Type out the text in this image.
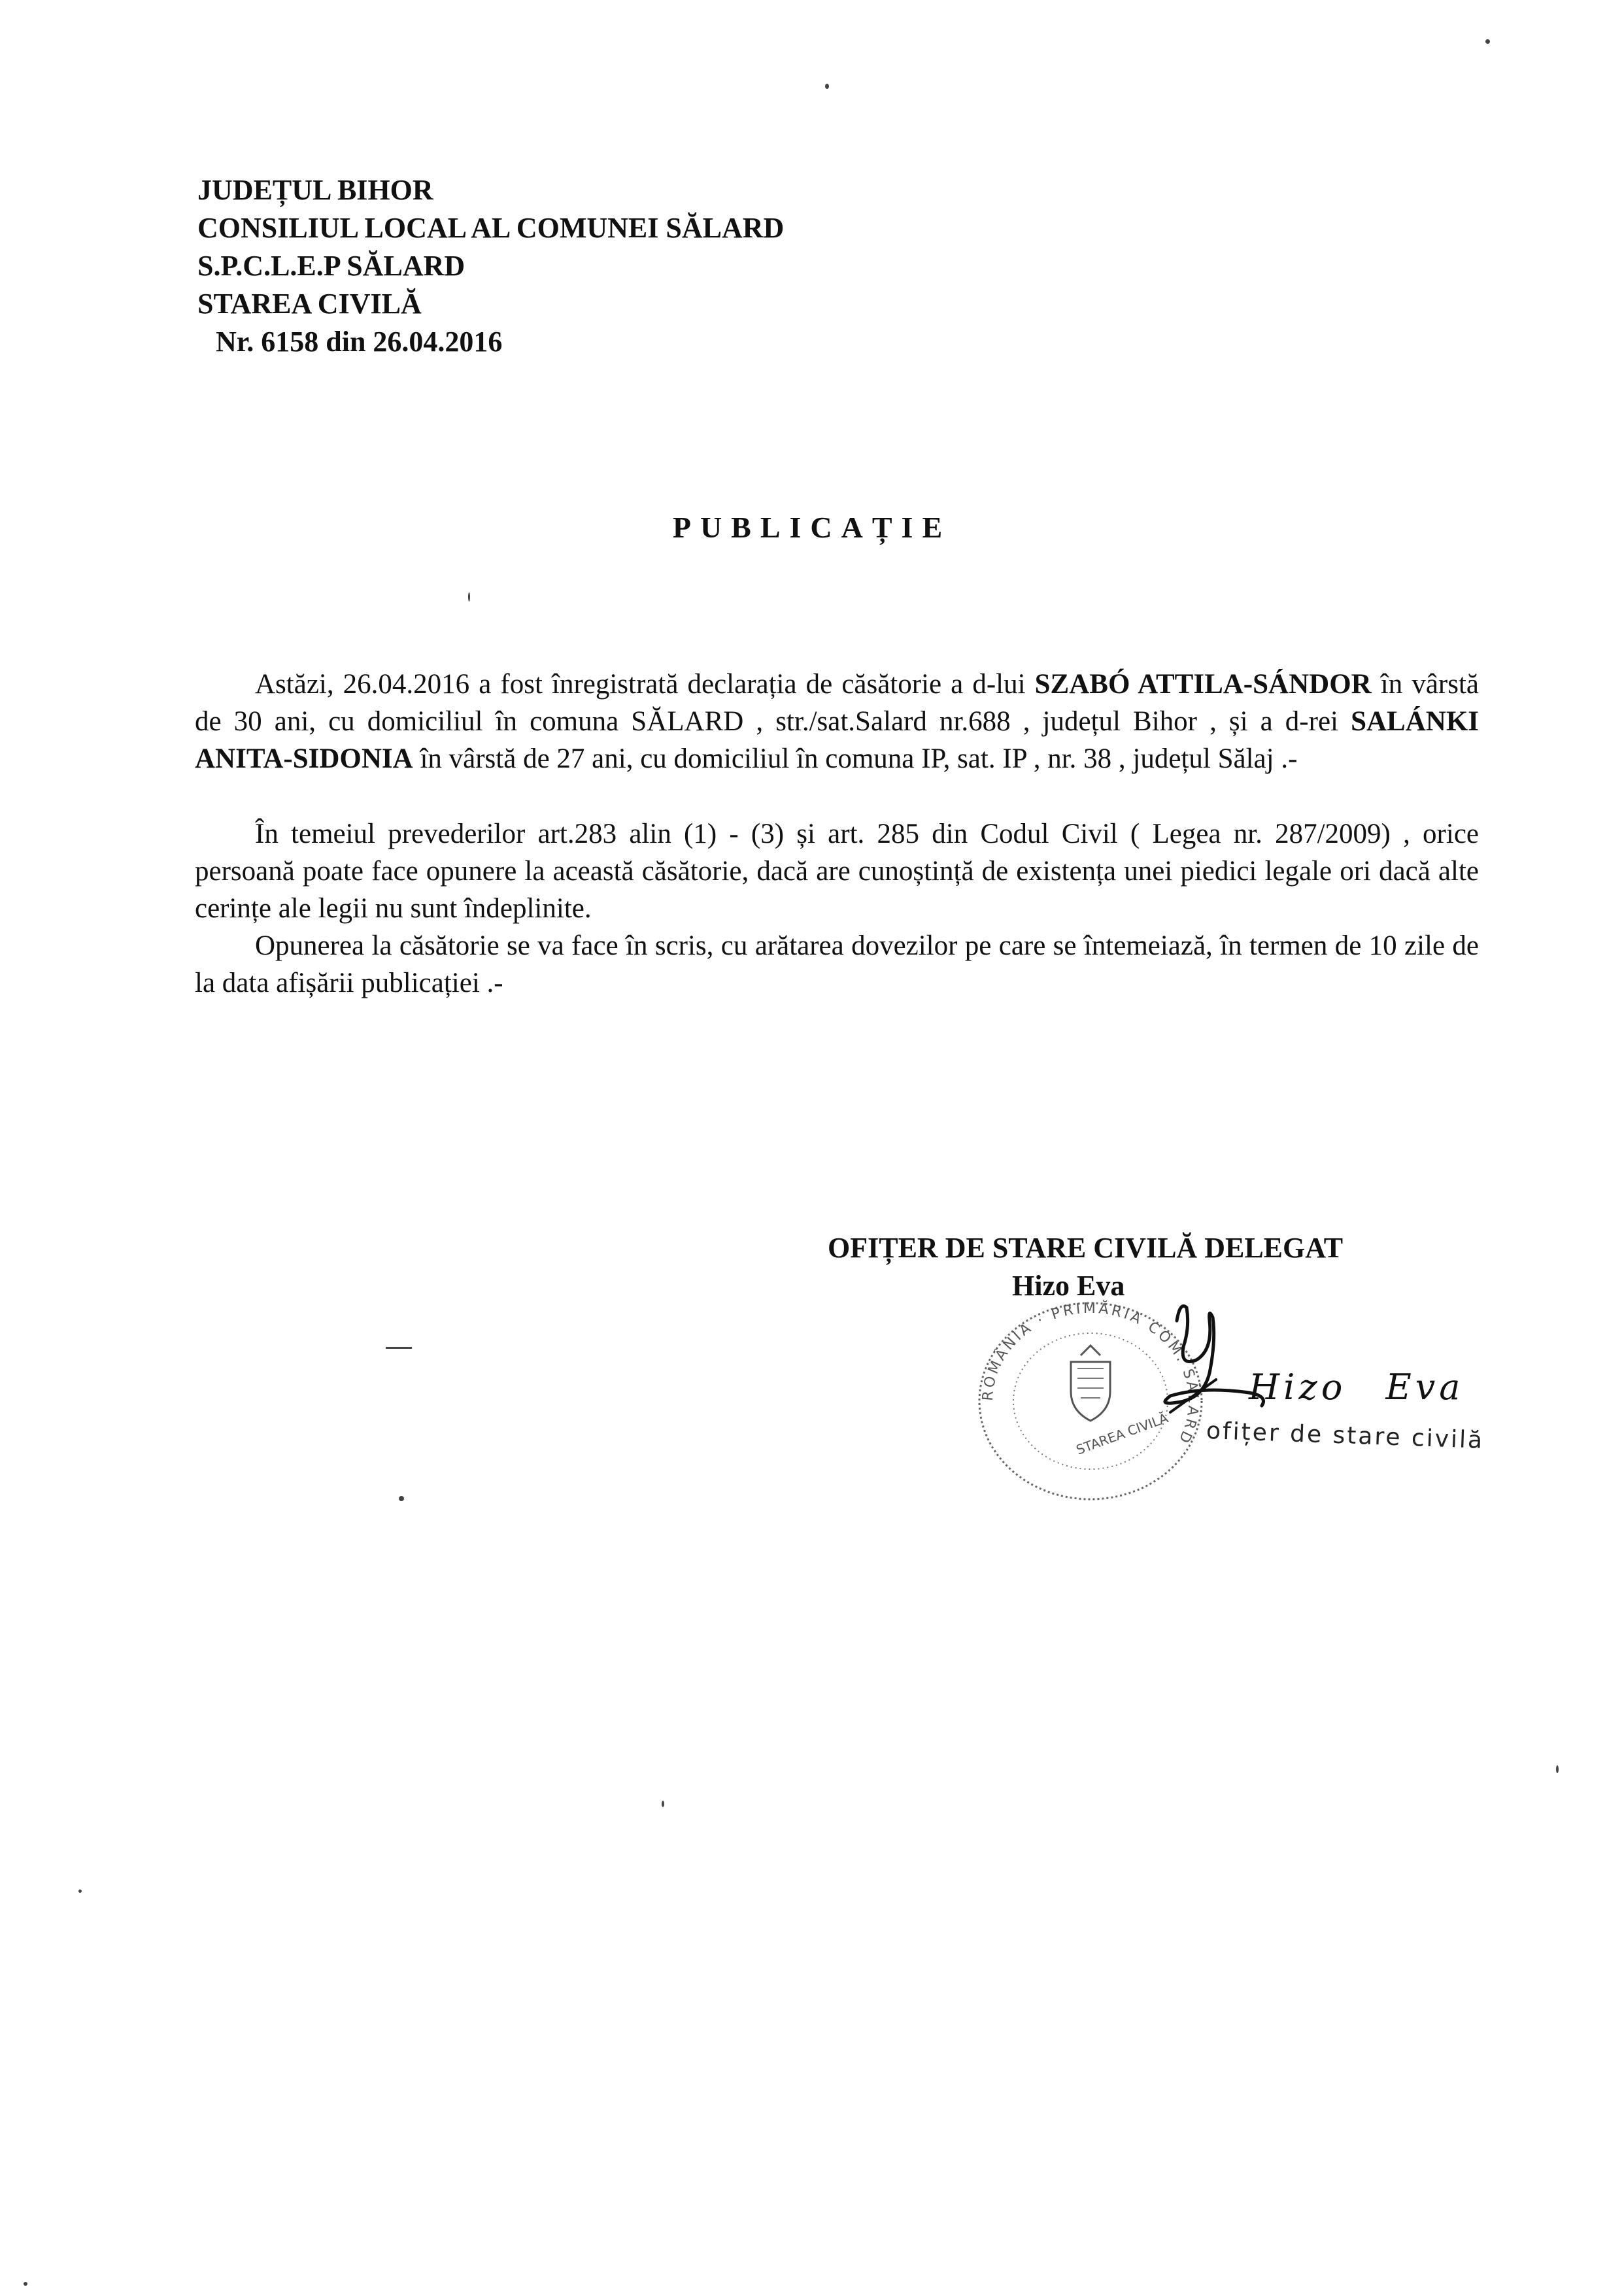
JUDEȚUL BIHOR
CONSILIUL LOCAL AL COMUNEI SĂLARD
S.P.C.L.E.P SĂLARD
STAREA CIVILĂ
Nr. 6158 din 26.04.2016
PUBLICAȚIE

Astăzi, 26.04.2016 a fost înregistrată declarația de căsătorie a d-lui SZABÓ ATTILA-SÁNDOR în vârstă de 30 ani, cu domiciliul în comuna SĂLARD , str./sat.Salard nr.688 , județul Bihor , și a d-rei SALÁNKI ANITA-SIDONIA în vârstă de 27 ani, cu domiciliul în comuna IP, sat. IP , nr. 38 , județul Sălaj .-

În temeiul prevederilor art.283 alin (1) - (3) și art. 285 din Codul Civil ( Legea nr. 287/2009) , orice persoană poate face opunere la această căsătorie, dacă are cunoștință de existența unei piedici legale ori dacă alte cerințe ale legii nu sunt îndeplinite.

Opunerea la căsătorie se va face în scris, cu arătarea dovezilor pe care se întemeiază, în termen de 10 zile de la data afișării publicației .-

OFIȚER DE STARE CIVILĂ DELEGAT
Hizo Eva
ROMÂNIA · PRIMĂRIA COM. SĂLARD
STAREA CIVILĂ
Hizo Eva
ofițer de stare civilă
